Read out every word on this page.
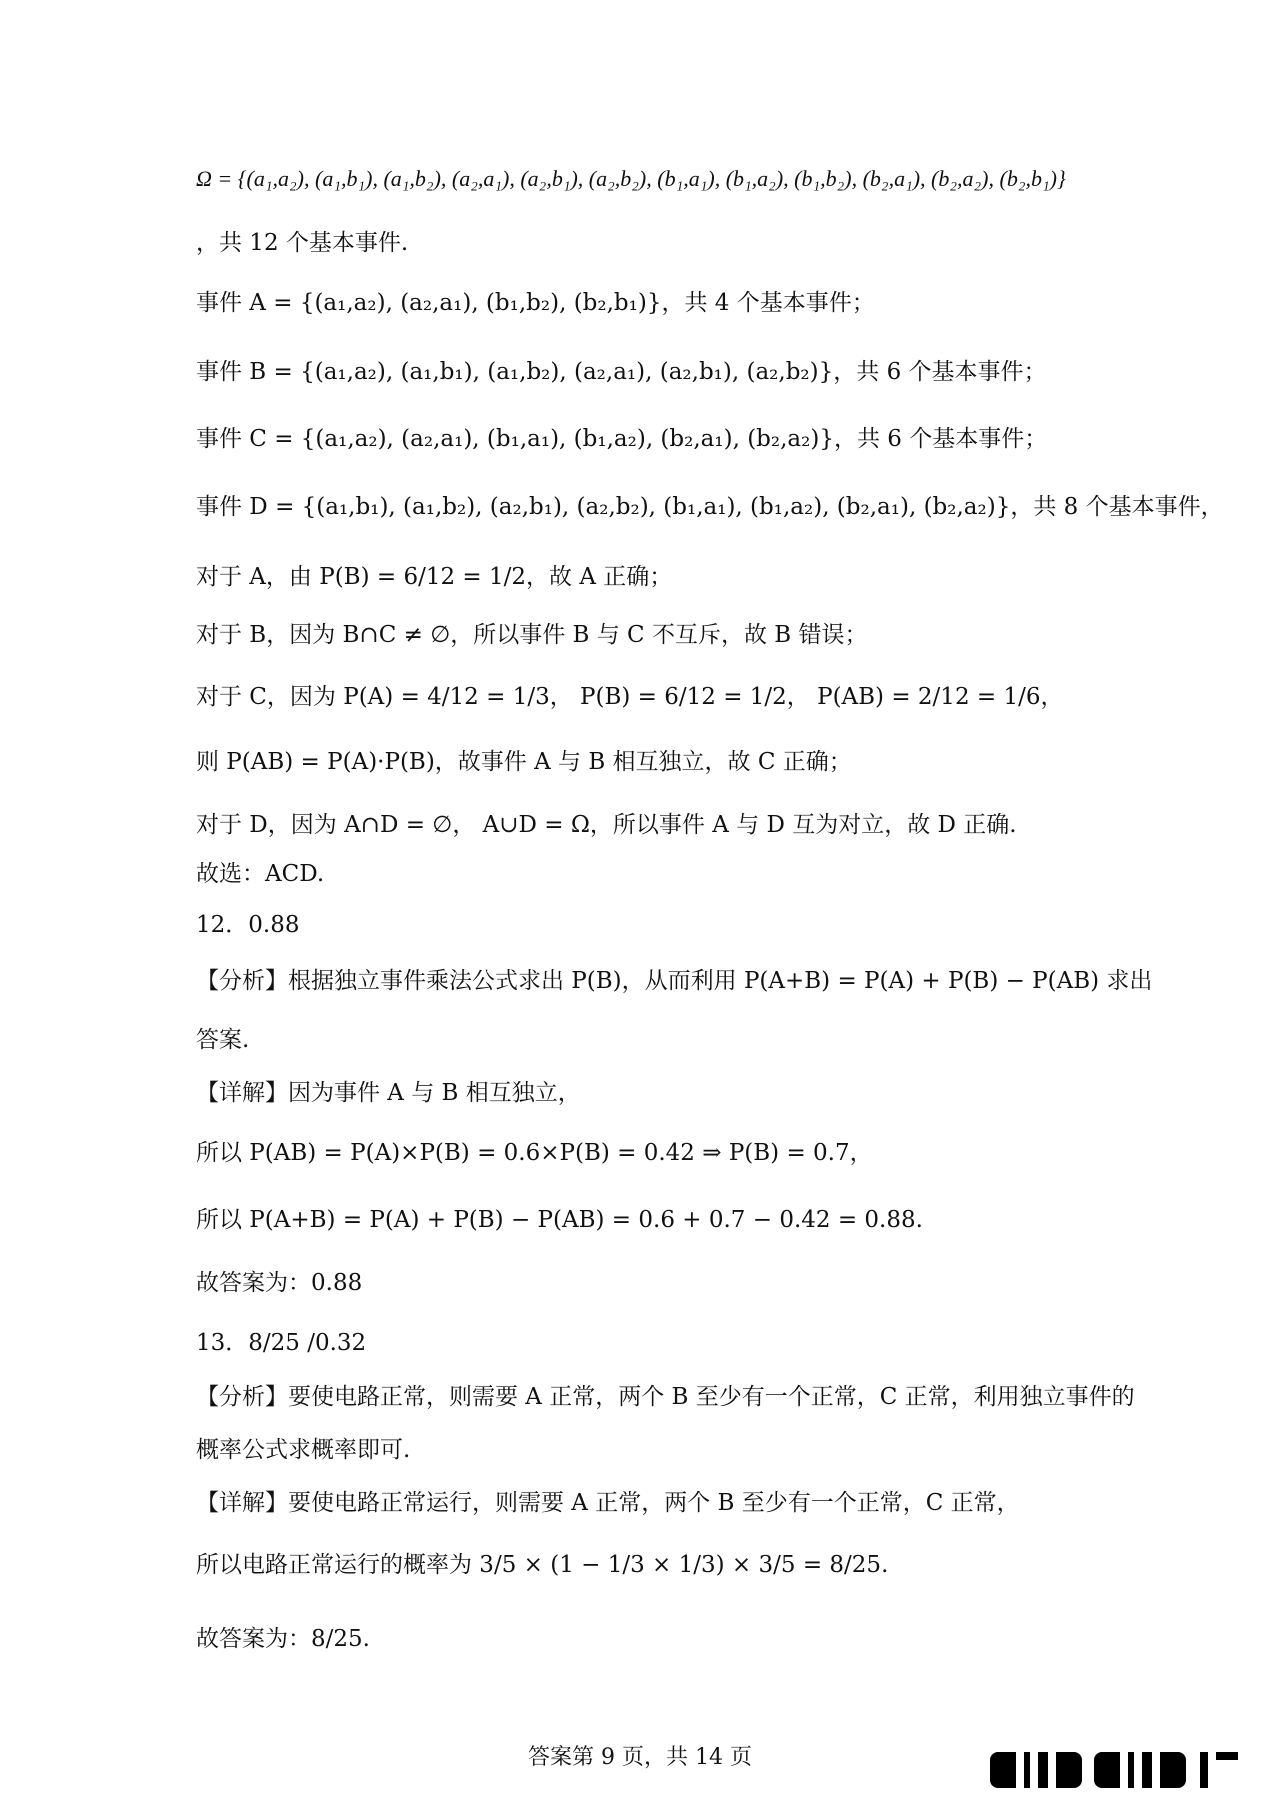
Ω = {(a₁,a₂), (a₁,b₁), (a₁,b₂), (a₂,a₁), (a₂,b₁), (a₂,b₂), (b₁,a₁), (b₁,a₂), (b₁,b₂), (b₂,a₁), (b₂,a₂), (b₂,b₁)}
，共 12 个基本事件.
事件 A = {(a₁,a₂), (a₂,a₁), (b₁,b₂), (b₂,b₁)}，共 4 个基本事件；
事件 B = {(a₁,a₂), (a₁,b₁), (a₁,b₂), (a₂,a₁), (a₂,b₁), (a₂,b₂)}，共 6 个基本事件；
事件 C = {(a₁,a₂), (a₂,a₁), (b₁,a₁), (b₁,a₂), (b₂,a₁), (b₂,a₂)}，共 6 个基本事件；
事件 D = {(a₁,b₁), (a₁,b₂), (a₂,b₁), (a₂,b₂), (b₁,a₁), (b₁,a₂), (b₂,a₁), (b₂,a₂)}，共 8 个基本事件，
对于 A，由 P(B) = 6/12 = 1/2，故 A 正确；
对于 B，因为 B∩C ≠ ∅，所以事件 B 与 C 不互斥，故 B 错误；
对于 C，因为 P(A) = 4/12 = 1/3， P(B) = 6/12 = 1/2， P(AB) = 2/12 = 1/6，
则 P(AB) = P(A)·P(B)，故事件 A 与 B 相互独立，故 C 正确；
对于 D，因为 A∩D = ∅， A∪D = Ω，所以事件 A 与 D 互为对立，故 D 正确.
故选：ACD.
12．0.88
【分析】根据独立事件乘法公式求出 P(B)，从而利用 P(A+B) = P(A) + P(B) − P(AB) 求出
答案.
【详解】因为事件 A 与 B 相互独立，
所以 P(AB) = P(A)×P(B) = 0.6×P(B) = 0.42 ⇒ P(B) = 0.7，
所以 P(A+B) = P(A) + P(B) − P(AB) = 0.6 + 0.7 − 0.42 = 0.88.
故答案为：0.88
13．8/25 /0.32
【分析】要使电路正常，则需要 A 正常，两个 B 至少有一个正常，C 正常，利用独立事件的
概率公式求概率即可.
【详解】要使电路正常运行，则需要 A 正常，两个 B 至少有一个正常，C 正常，
所以电路正常运行的概率为 3/5 × (1 − 1/3 × 1/3) × 3/5 = 8/25.
故答案为：8/25.
答案第 9 页，共 14 页
